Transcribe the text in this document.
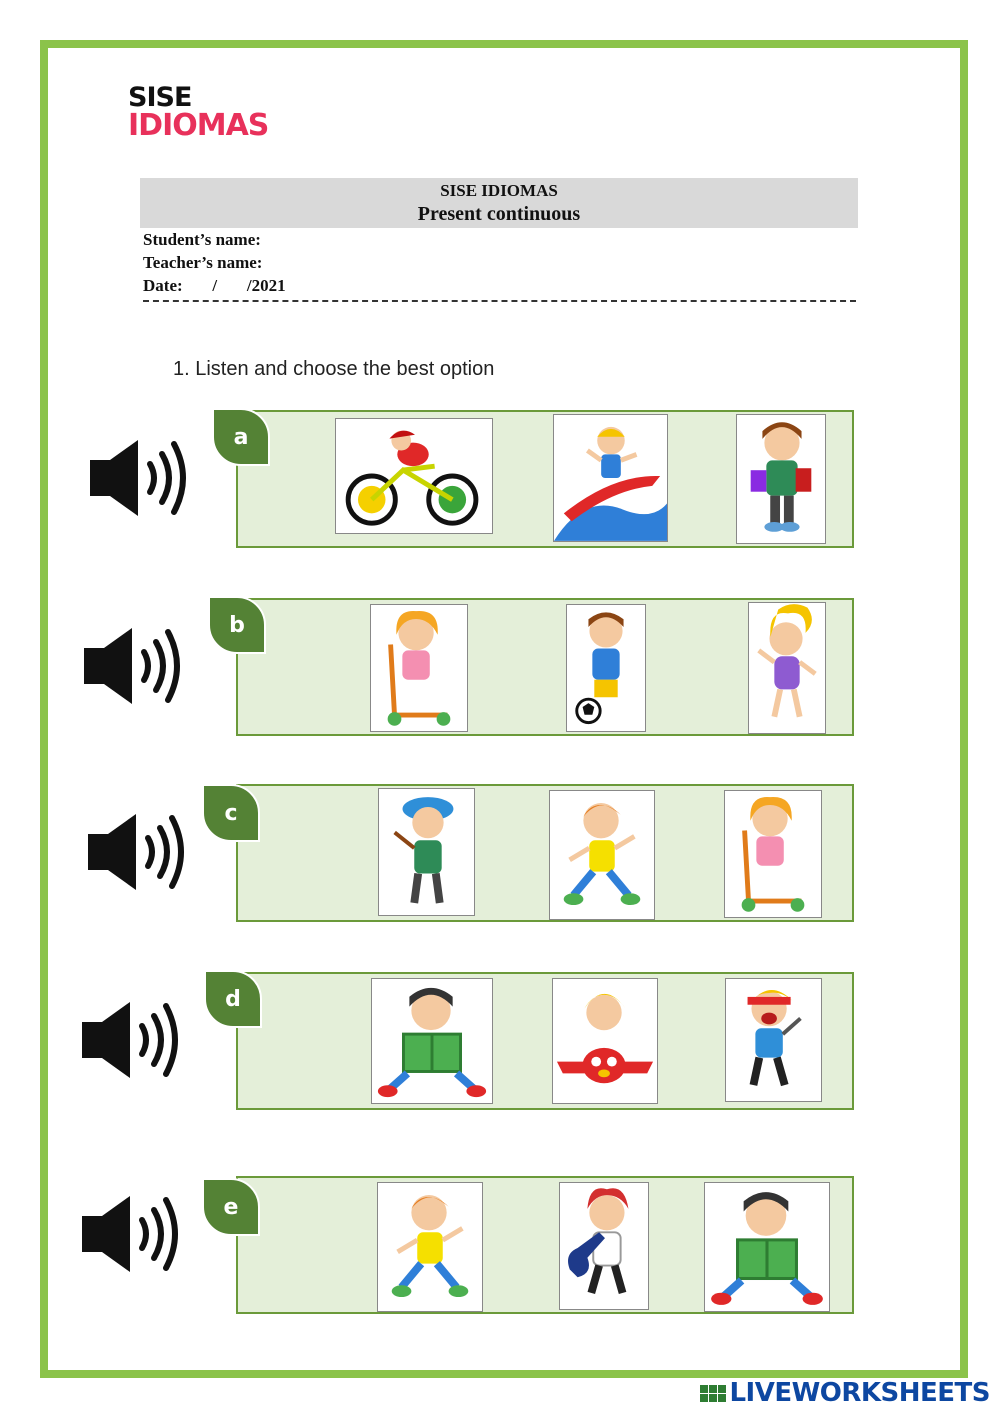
SISE
IDIOMAS
SISE IDIOMAS
Present continuous
Student’s name:
Teacher’s name:
Date:       /       /2021
1. Listen and choose the best option
a
b
c
d
e
LIVEWORKSHEETS
